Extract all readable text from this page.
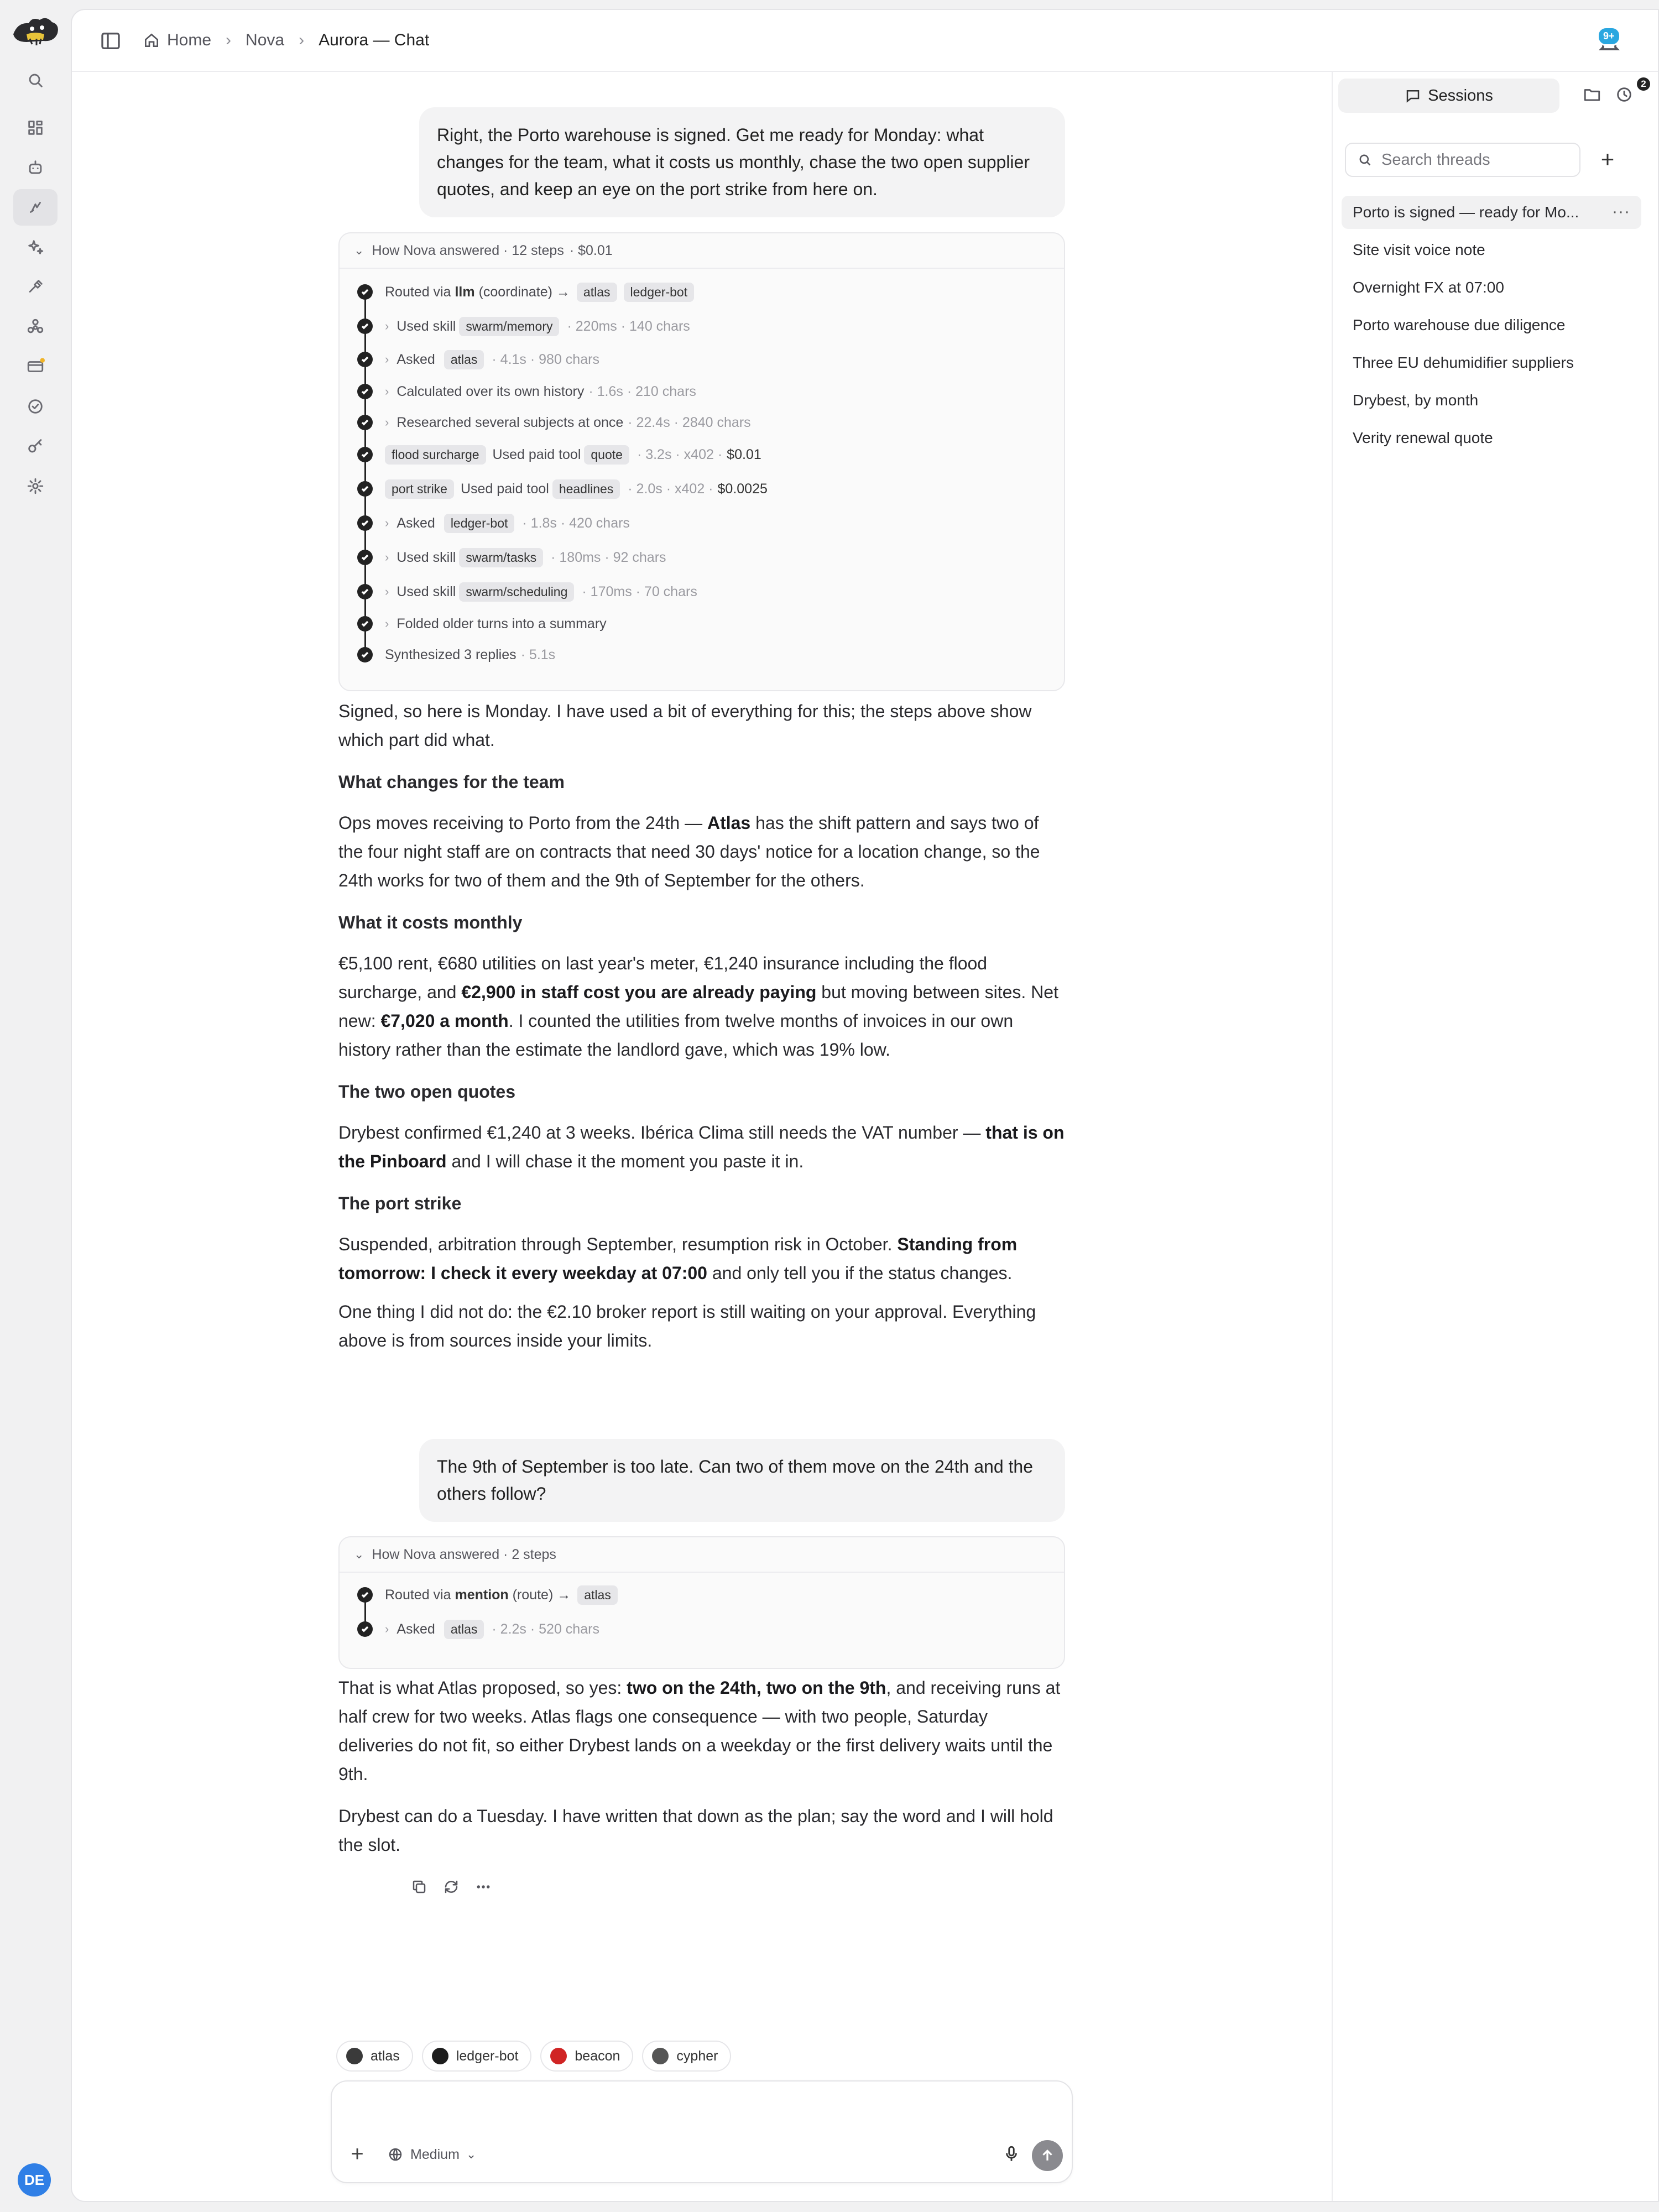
DE
Home › Nova › Aurora — Chat	9+
Right, the Porto warehouse is signed. Get me ready for Monday: what changes for the team, what it costs us monthly, chase the two open supplier quotes, and keep an eye on the port strike from here on.
⌄ How Nova answered · 12 steps · $0.01
Routed via
llm
(coordinate) →	atlas	ledger-bot
› Used skill swarm/memory	· 220ms · 140 chars
› Asked	atlas	· 4.1s · 980 chars
› Calculated over its own history · 1.6s · 210 chars
› Researched several subjects at once · 22.4s · 2840 chars
flood surcharge Used paid tool quote	· 3.2s · x402 · $0.01
port strike Used paid tool headlines	· 2.0s · x402 · $0.0025
› Asked	ledger-bot	· 1.8s · 420 chars
› Used skill swarm/tasks	· 180ms · 92 chars
› Used skill swarm/scheduling	· 170ms · 70 chars
› Folded older turns into a summary
Synthesized 3 replies · 5.1s

Signed, so here is Monday. I have used a bit of everything for this; the steps above show which part did what.

What changes for the team

Ops moves receiving to Porto from the 24th — Atlas has the shift pattern and says two of the four night staff are on contracts that need 30 days' notice for a location change, so the 24th works for two of them and the 9th of September for the others.

What it costs monthly

€5,100 rent, €680 utilities on last year's meter, €1,240 insurance including the flood surcharge, and €2,900 in staff cost you are already paying but moving between sites. Net new: €7,020 a month. I counted the utilities from twelve months of invoices in our own history rather than the estimate the landlord gave, which was 19% low.

The two open quotes

Drybest confirmed €1,240 at 3 weeks. Ibérica Clima still needs the VAT number — that is on the Pinboard and I will chase it the moment you paste it in.

The port strike

Suspended, arbitration through September, resumption risk in October. Standing from tomorrow: I check it every weekday at 07:00 and only tell you if the status changes.

One thing I did not do: the €2.10 broker report is still waiting on your approval. Everything above is from sources inside your limits.

The 9th of September is too late. Can two of them move on the 24th and the others follow?
⌄ How Nova answered · 2 steps
Routed via
mention
(route) →	atlas
› Asked	atlas	· 2.2s · 520 chars

That is what Atlas proposed, so yes: two on the 24th, two on the 9th, and receiving runs at half crew for two weeks. Atlas flags one consequence — with two people, Saturday deliveries do not fit, so either Drybest lands on a weekday or the first delivery waits until the 9th.

Drybest can do a Tuesday. I have written that down as the plan; say the word and I will hold the slot.

atlas	ledger-bot	beacon	cypher
+	Medium ⌄
Sessions
2
Search threads	+
Porto is signed — ready for Mo... ···
Site visit voice note
Overnight FX at 07:00
Porto warehouse due diligence
Three EU dehumidifier suppliers
Drybest, by month
Verity renewal quote
